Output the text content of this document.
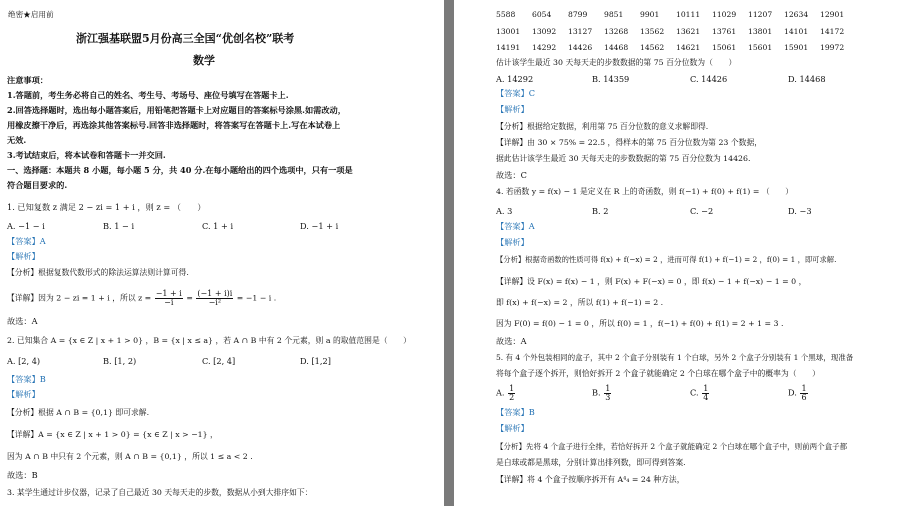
绝密★启用前
浙江强基联盟5月份高三全国“优创名校”联考
数学
注意事项：
1.答题前，考生务必将自己的姓名、考生号、考场号、座位号填写在答题卡上.
2.回答选择题时，选出每小题答案后，用铅笔把答题卡上对应题目的答案标号涂黑.如需改动，
用橡皮擦干净后，再选涂其他答案标号.回答非选择题时，将答案写在答题卡上.写在本试卷上
无效.
3.考试结束后，将本试卷和答题卡一并交回.
一、选择题：本题共 8 小题，每小题 5 分，共 40 分.在每小题给出的四个选项中，只有一项是
符合题目要求的.
1. 已知复数 z 满足 2 − zi = 1 + i ，则 z = （　　）
A. −1 − i	B. 1 − i	C. 1 + i	D. −1 + i
【答案】A
【解析】
【分析】根据复数代数形式的除法运算法则计算可得.
【详解】因为 2 − zi = 1 + i ，所以 $z = \frac{-1 + i}{-i} = \frac{(-1 + i)i}{\text{−i²}} = -1 - i$ .
故选：A
2. 已知集合 A = {x ∈ Z | x + 1 > 0} ，B = {x | x ≤ a} ，若 A ∩ B 中有 2 个元素，则 a 的取值范围是（　　）
A. [2, 4)	B. [1, 2)	C. [2, 4]	D. [1,2]
【答案】B
【解析】
【分析】根据 A ∩ B = {0,1} 即可求解.
【详解】A = {x ∈ Z | x + 1 > 0} = {x ∈ Z | x > −1} ，
因为 A ∩ B 中只有 2 个元素，则 A ∩ B = {0,1} ，所以 1 ≤ a < 2 .
故选：B
3. 某学生通过计步仪器，记录了自己最近 30 天每天走的步数，数据从小到大排序如下：
5588	6054	8799	9851	9901	10111	11029	11207	12634	12901
13001	13092	13127	13268	13562	13621	13761	13801	14101	14172
14191	14292	14426	14468	14562	14621	15061	15601	15901	19972
估计该学生最近 30 天每天走的步数数据的第 75 百分位数为（　　）
A. 14292	B. 14359	C. 14426	D. 14468
【答案】C
【解析】
【分析】根据给定数据，利用第 75 百分位数的意义求解即得.
【详解】由 30 × 75% = 22.5 ，得样本的第 75 百分位数为第 23 个数据，
据此估计该学生最近 30 天每天走的步数数据的第 75 百分位数为 14426.
故选：C
4. 若函数 y = f(x) − 1 是定义在 R 上的奇函数，则 f(−1) + f(0) + f(1) = （　　）
A. 3	B. 2	C. −2	D. −3
【答案】A
【解析】
【分析】根据奇函数的性质可得 f(x) + f(−x) = 2 ，进而可得 f(1) + f(−1) = 2 ，f(0) = 1 ，即可求解.
【详解】设 F(x) = f(x) − 1 ，则 F(x) + F(−x) = 0 ，即 f(x) − 1 + f(−x) − 1 = 0 ，
即 f(x) + f(−x) = 2 ，所以 f(1) + f(−1) = 2 .
因为 F(0) = f(0) − 1 = 0 ，所以 f(0) = 1 ，f(−1) + f(0) + f(1) = 2 + 1 = 3 .
故选：A
5. 有 4 个外包装相同的盒子，其中 2 个盒子分别装有 1 个白球，另外 2 个盒子分别装有 1 个黑球，现准备
将每个盒子逐个拆开，则恰好拆开 2 个盒子就能确定 2 个白球在哪个盒子中的概率为（　　）
A. $\frac{1}{2}$	B. $\frac{1}{3}$	C. $\frac{1}{4}$	D. $\frac{1}{6}$
【答案】B
【解析】
【分析】先将 4 个盒子进行全排，若恰好拆开 2 个盒子就能确定 2 个白球在哪个盒子中，则前两个盒子都
是白球或都是黑球，分别计算出排列数，即可得到答案.
【详解】将 4 个盒子按顺序拆开有 A⁴₄ = 24 种方法，
